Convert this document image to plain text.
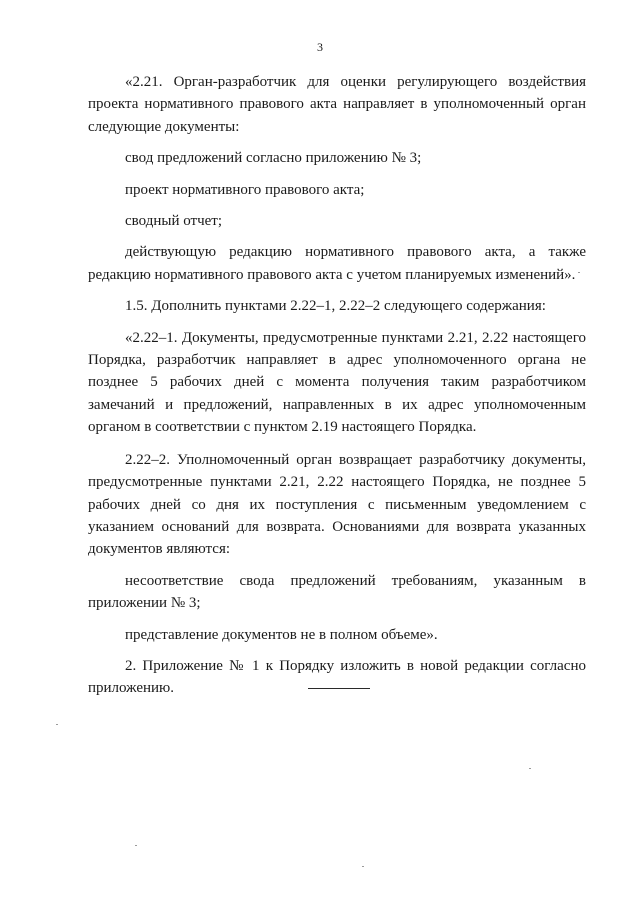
3

«2.21. Орган-разработчик для оценки регулирующего воздействия проекта нормативного правового акта направляет в уполномоченный орган следующие документы:

свод предложений согласно приложению № 3;

проект нормативного правового акта;

сводный отчет;

действующую редакцию нормативного правового акта, а также редакцию нормативного правового акта с учетом планируемых изменений».

1.5. Дополнить пунктами 2.22–1, 2.22–2 следующего содержания:

«2.22–1. Документы, предусмотренные пунктами 2.21, 2.22 настоящего Порядка, разработчик направляет в адрес уполномоченного органа не позднее 5 рабочих дней с момента получения таким разработчиком замечаний и предложений, направленных в их адрес уполномоченным органом в соответствии с пунктом 2.19 настоящего Порядка.

2.22–2. Уполномоченный орган возвращает разработчику документы, предусмотренные пунктами 2.21, 2.22 настоящего Порядка, не позднее 5 рабочих дней со дня их поступления с письменным уведомлением с указанием оснований для возврата. Основаниями для возврата указанных документов являются:

несоответствие свода предложений требованиям, указанным в приложении № 3;

представление документов не в полном объеме».

2. Приложение № 1 к Порядку изложить в новой редакции согласно приложению.
